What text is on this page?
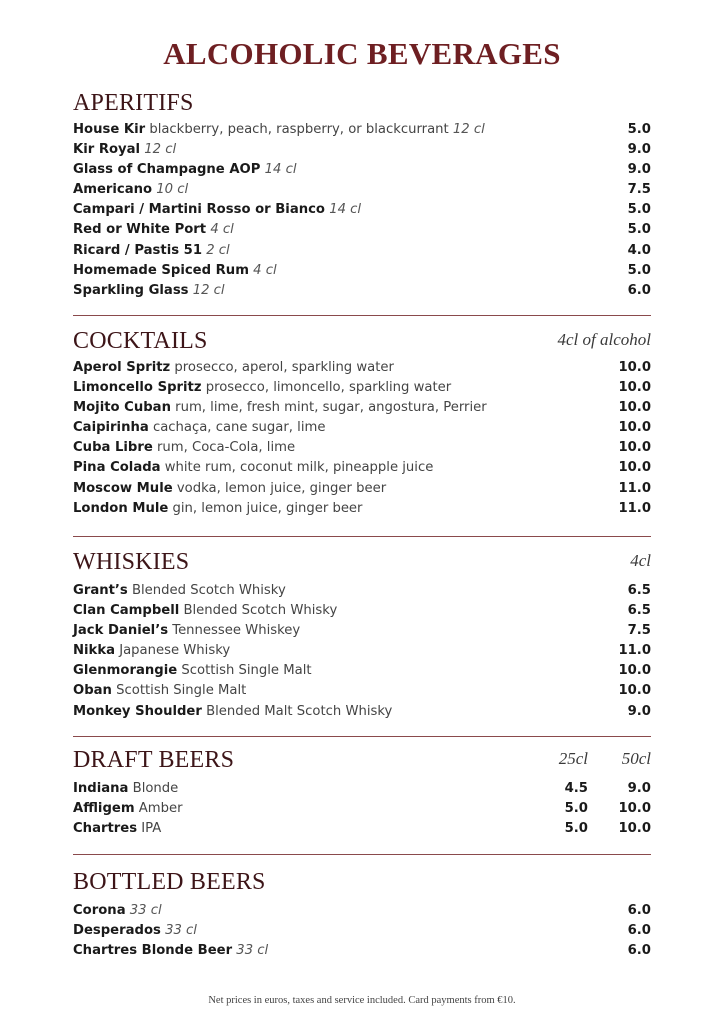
ALCOHOLIC BEVERAGES
APERITIFS
House Kir blackberry, peach, raspberry, or blackcurrant 12 cl	5.0
Kir Royal 12 cl	9.0
Glass of Champagne AOP 14 cl	9.0
Americano 10 cl	7.5
Campari / Martini Rosso or Bianco 14 cl	5.0
Red or White Port 4 cl	5.0
Ricard / Pastis 51 2 cl	4.0
Homemade Spiced Rum 4 cl	5.0
Sparkling Glass 12 cl	6.0
COCKTAILS	4cl of alcohol
Aperol Spritz prosecco, aperol, sparkling water	10.0
Limoncello Spritz prosecco, limoncello, sparkling water	10.0
Mojito Cuban rum, lime, fresh mint, sugar, angostura, Perrier	10.0
Caipirinha cachaça, cane sugar, lime	10.0
Cuba Libre rum, Coca-Cola, lime	10.0
Pina Colada white rum, coconut milk, pineapple juice	10.0
Moscow Mule vodka, lemon juice, ginger beer	11.0
London Mule gin, lemon juice, ginger beer	11.0
WHISKIES	4cl
Grant’s Blended Scotch Whisky	6.5
Clan Campbell Blended Scotch Whisky	6.5
Jack Daniel’s Tennessee Whiskey	7.5
Nikka Japanese Whisky	11.0
Glenmorangie Scottish Single Malt	10.0
Oban Scottish Single Malt	10.0
Monkey Shoulder Blended Malt Scotch Whisky	9.0
DRAFT BEERS	25cl	50cl
Indiana Blonde	4.5	9.0
Affligem Amber	5.0	10.0
Chartres IPA	5.0	10.0
BOTTLED BEERS
Corona 33 cl	6.0
Desperados 33 cl	6.0
Chartres Blonde Beer 33 cl	6.0
Net prices in euros, taxes and service included. Card payments from €10.
